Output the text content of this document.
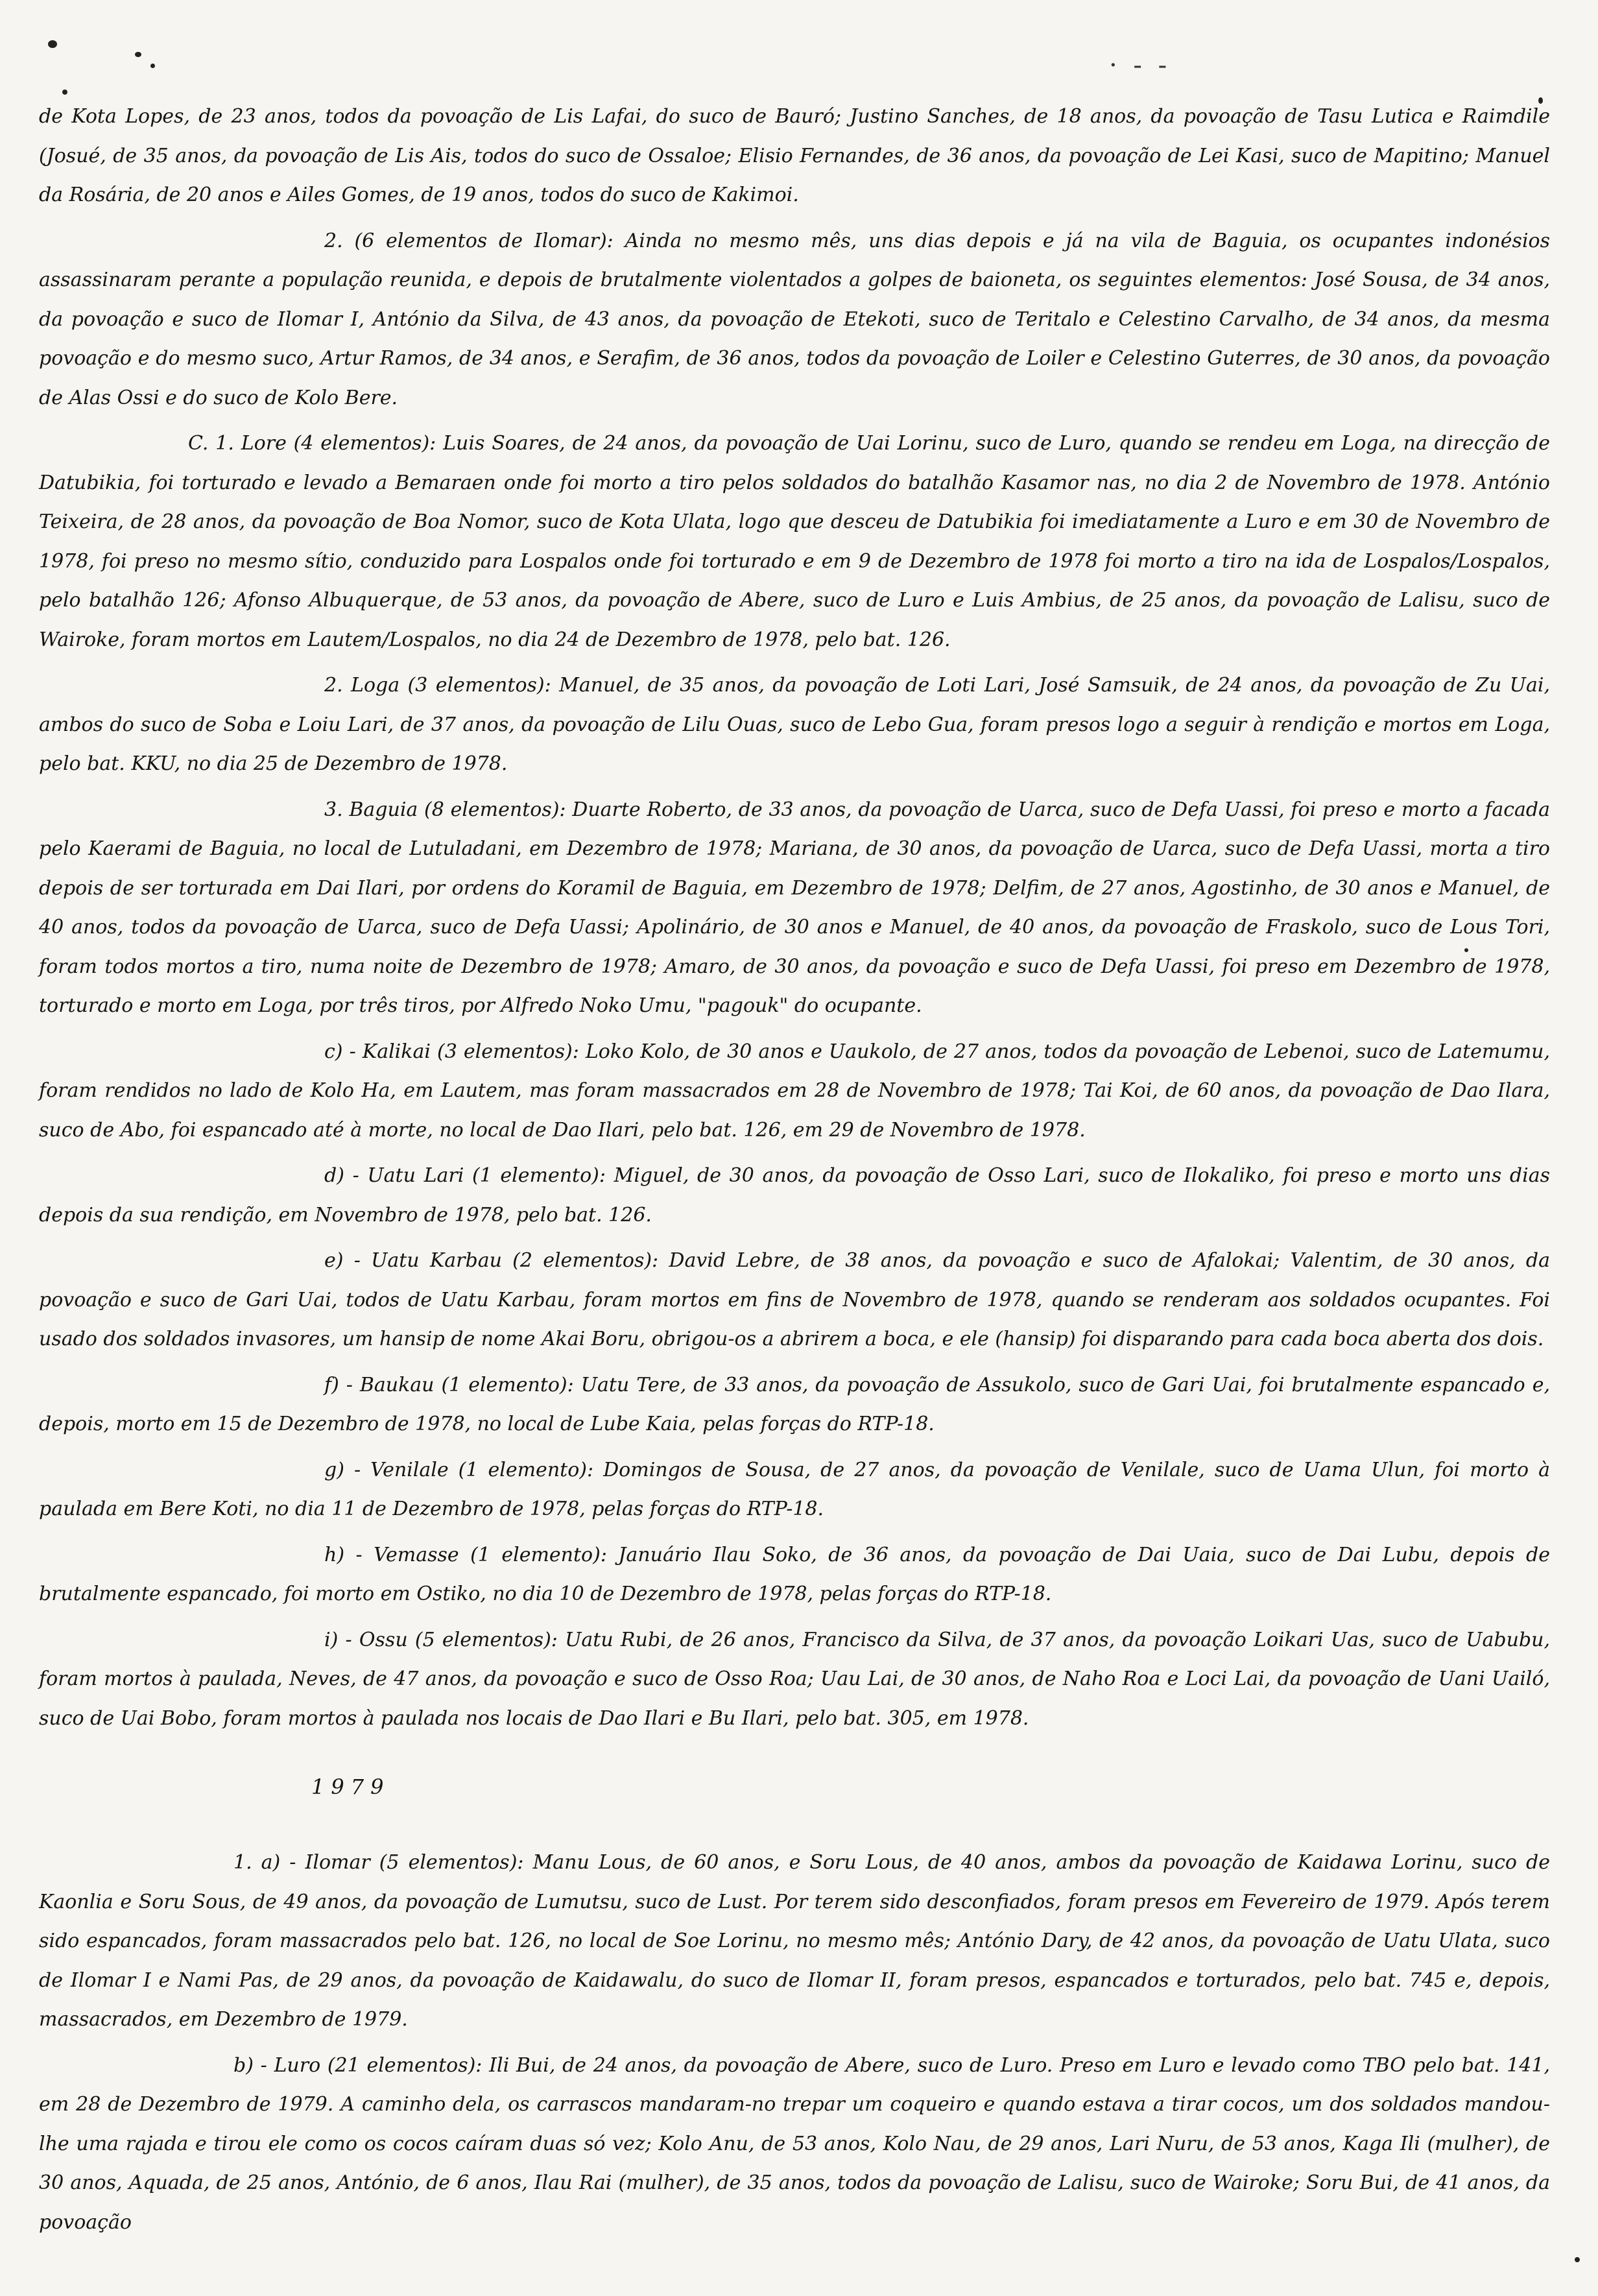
· - -

de Kota Lopes, de 23 anos, todos da povoação de Lis Lafai, do suco de Bauró; Justino Sanches, de 18 anos, da povoação de Tasu Lutica e Raimdile (Josué, de 35 anos, da povoação de Lis Ais, todos do suco de Ossaloe; Elisio Fernandes, de 36 anos, da povoação de Lei Kasi, suco de Mapitino; Manuel da Rosária, de 20 anos e Ailes Gomes, de 19 anos, todos do suco de Kakimoi.

2. (6 elementos de Ilomar): Ainda no mesmo mês, uns dias depois e já na vila de Baguia, os ocupantes indonésios assassinaram perante a população reunida, e depois de brutalmente violentados a golpes de baioneta, os seguintes elementos: José Sousa, de 34 anos, da povoação e suco de Ilomar I, António da Silva, de 43 anos, da povoação de Etekoti, suco de Teritalo e Celestino Carvalho, de 34 anos, da mesma povoação e do mesmo suco, Artur Ramos, de 34 anos, e Serafim, de 36 anos, todos da povoação de Loiler e Celestino Guterres, de 30 anos, da povoação de Alas Ossi e do suco de Kolo Bere.

C. 1. Lore (4 elementos): Luis Soares, de 24 anos, da povoação de Uai Lorinu, suco de Luro, quando se rendeu em Loga, na direcção de Datubikia, foi torturado e levado a Bemaraen onde foi morto a tiro pelos soldados do batalhão Kasamor nas, no dia 2 de Novembro de 1978. António Teixeira, de 28 anos, da povoação de Boa Nomor, suco de Kota Ulata, logo que desceu de Datubikia foi imediatamente a Luro e em 30 de Novembro de 1978, foi preso no mesmo sítio, conduzido para Lospalos onde foi torturado e em 9 de Dezembro de 1978 foi morto a tiro na ida de Lospalos/Lospalos, pelo batalhão 126; Afonso Albuquerque, de 53 anos, da povoação de Abere, suco de Luro e Luis Ambius, de 25 anos, da povoação de Lalisu, suco de Wairoke, foram mortos em Lautem/Lospalos, no dia 24 de Dezembro de 1978, pelo bat. 126.

2. Loga (3 elementos): Manuel, de 35 anos, da povoação de Loti Lari, José Samsuik, de 24 anos, da povoação de Zu Uai, ambos do suco de Soba e Loiu Lari, de 37 anos, da povoação de Lilu Ouas, suco de Lebo Gua, foram presos logo a seguir à rendição e mortos em Loga, pelo bat. KKU, no dia 25 de Dezembro de 1978.

3. Baguia (8 elementos): Duarte Roberto, de 33 anos, da povoação de Uarca, suco de Defa Uassi, foi preso e morto a facada pelo Kaerami de Baguia, no local de Lutuladani, em Dezembro de 1978; Mariana, de 30 anos, da povoação de Uarca, suco de Defa Uassi, morta a tiro depois de ser torturada em Dai Ilari, por ordens do Koramil de Baguia, em Dezembro de 1978; Delfim, de 27 anos, Agostinho, de 30 anos e Manuel, de 40 anos, todos da povoação de Uarca, suco de Defa Uassi; Apolinário, de 30 anos e Manuel, de 40 anos, da povoação de Fraskolo, suco de Lous Tori, foram todos mortos a tiro, numa noite de Dezembro de 1978; Amaro, de 30 anos, da povoação e suco de Defa Uassi, foi preso em Dezembro de 1978, torturado e morto em Loga, por três tiros, por Alfredo Noko Umu, "pagouk" do ocupante.

c) - Kalikai (3 elementos): Loko Kolo, de 30 anos e Uaukolo, de 27 anos, todos da povoação de Lebenoi, suco de Latemumu, foram rendidos no lado de Kolo Ha, em Lautem, mas foram massacrados em 28 de Novembro de 1978; Tai Koi, de 60 anos, da povoação de Dao Ilara, suco de Abo, foi espancado até à morte, no local de Dao Ilari, pelo bat. 126, em 29 de Novembro de 1978.

d) - Uatu Lari (1 elemento): Miguel, de 30 anos, da povoação de Osso Lari, suco de Ilokaliko, foi preso e morto uns dias depois da sua rendição, em Novembro de 1978, pelo bat. 126.

e) - Uatu Karbau (2 elementos): David Lebre, de 38 anos, da povoação e suco de Afalokai; Valentim, de 30 anos, da povoação e suco de Gari Uai, todos de Uatu Karbau, foram mortos em fins de Novembro de 1978, quando se renderam aos soldados ocupantes. Foi usado dos soldados invasores, um hansip de nome Akai Boru, obrigou-os a abrirem a boca, e ele (hansip) foi disparando para cada boca aberta dos dois.

f) - Baukau (1 elemento): Uatu Tere, de 33 anos, da povoação de Assukolo, suco de Gari Uai, foi brutalmente espancado e, depois, morto em 15 de Dezembro de 1978, no local de Lube Kaia, pelas forças do RTP-18.

g) - Venilale (1 elemento): Domingos de Sousa, de 27 anos, da povoação de Venilale, suco de Uama Ulun, foi morto à paulada em Bere Koti, no dia 11 de Dezembro de 1978, pelas forças do RTP-18.

h) - Vemasse (1 elemento): Januário Ilau Soko, de 36 anos, da povoação de Dai Uaia, suco de Dai Lubu, depois de brutalmente espancado, foi morto em Ostiko, no dia 10 de Dezembro de 1978, pelas forças do RTP-18.

i) - Ossu (5 elementos): Uatu Rubi, de 26 anos, Francisco da Silva, de 37 anos, da povoação Loikari Uas, suco de Uabubu, foram mortos à paulada, Neves, de 47 anos, da povoação e suco de Osso Roa; Uau Lai, de 30 anos, de Naho Roa e Loci Lai, da povoação de Uani Uailó, suco de Uai Bobo, foram mortos à paulada nos locais de Dao Ilari e Bu Ilari, pelo bat. 305, em 1978.

1979

1. a) - Ilomar (5 elementos): Manu Lous, de 60 anos, e Soru Lous, de 40 anos, ambos da povoação de Kaidawa Lorinu, suco de Kaonlia e Soru Sous, de 49 anos, da povoação de Lumutsu, suco de Lust. Por terem sido desconfiados, foram presos em Fevereiro de 1979. Após terem sido espancados, foram massacrados pelo bat. 126, no local de Soe Lorinu, no mesmo mês; António Dary, de 42 anos, da povoação de Uatu Ulata, suco de Ilomar I e Nami Pas, de 29 anos, da povoação de Kaidawalu, do suco de Ilomar II, foram presos, espancados e torturados, pelo bat. 745 e, depois, massacrados, em Dezembro de 1979.

b) - Luro (21 elementos): Ili Bui, de 24 anos, da povoação de Abere, suco de Luro. Preso em Luro e levado como TBO pelo bat. 141, em 28 de Dezembro de 1979. A caminho dela, os carrascos mandaram-no trepar um coqueiro e quando estava a tirar cocos, um dos soldados mandou-lhe uma rajada e tirou ele como os cocos caíram duas só vez; Kolo Anu, de 53 anos, Kolo Nau, de 29 anos, Lari Nuru, de 53 anos, Kaga Ili (mulher), de 30 anos, Aquada, de 25 anos, António, de 6 anos, Ilau Rai (mulher), de 35 anos, todos da povoação de Lalisu, suco de Wairoke; Soru Bui, de 41 anos, da povoação
